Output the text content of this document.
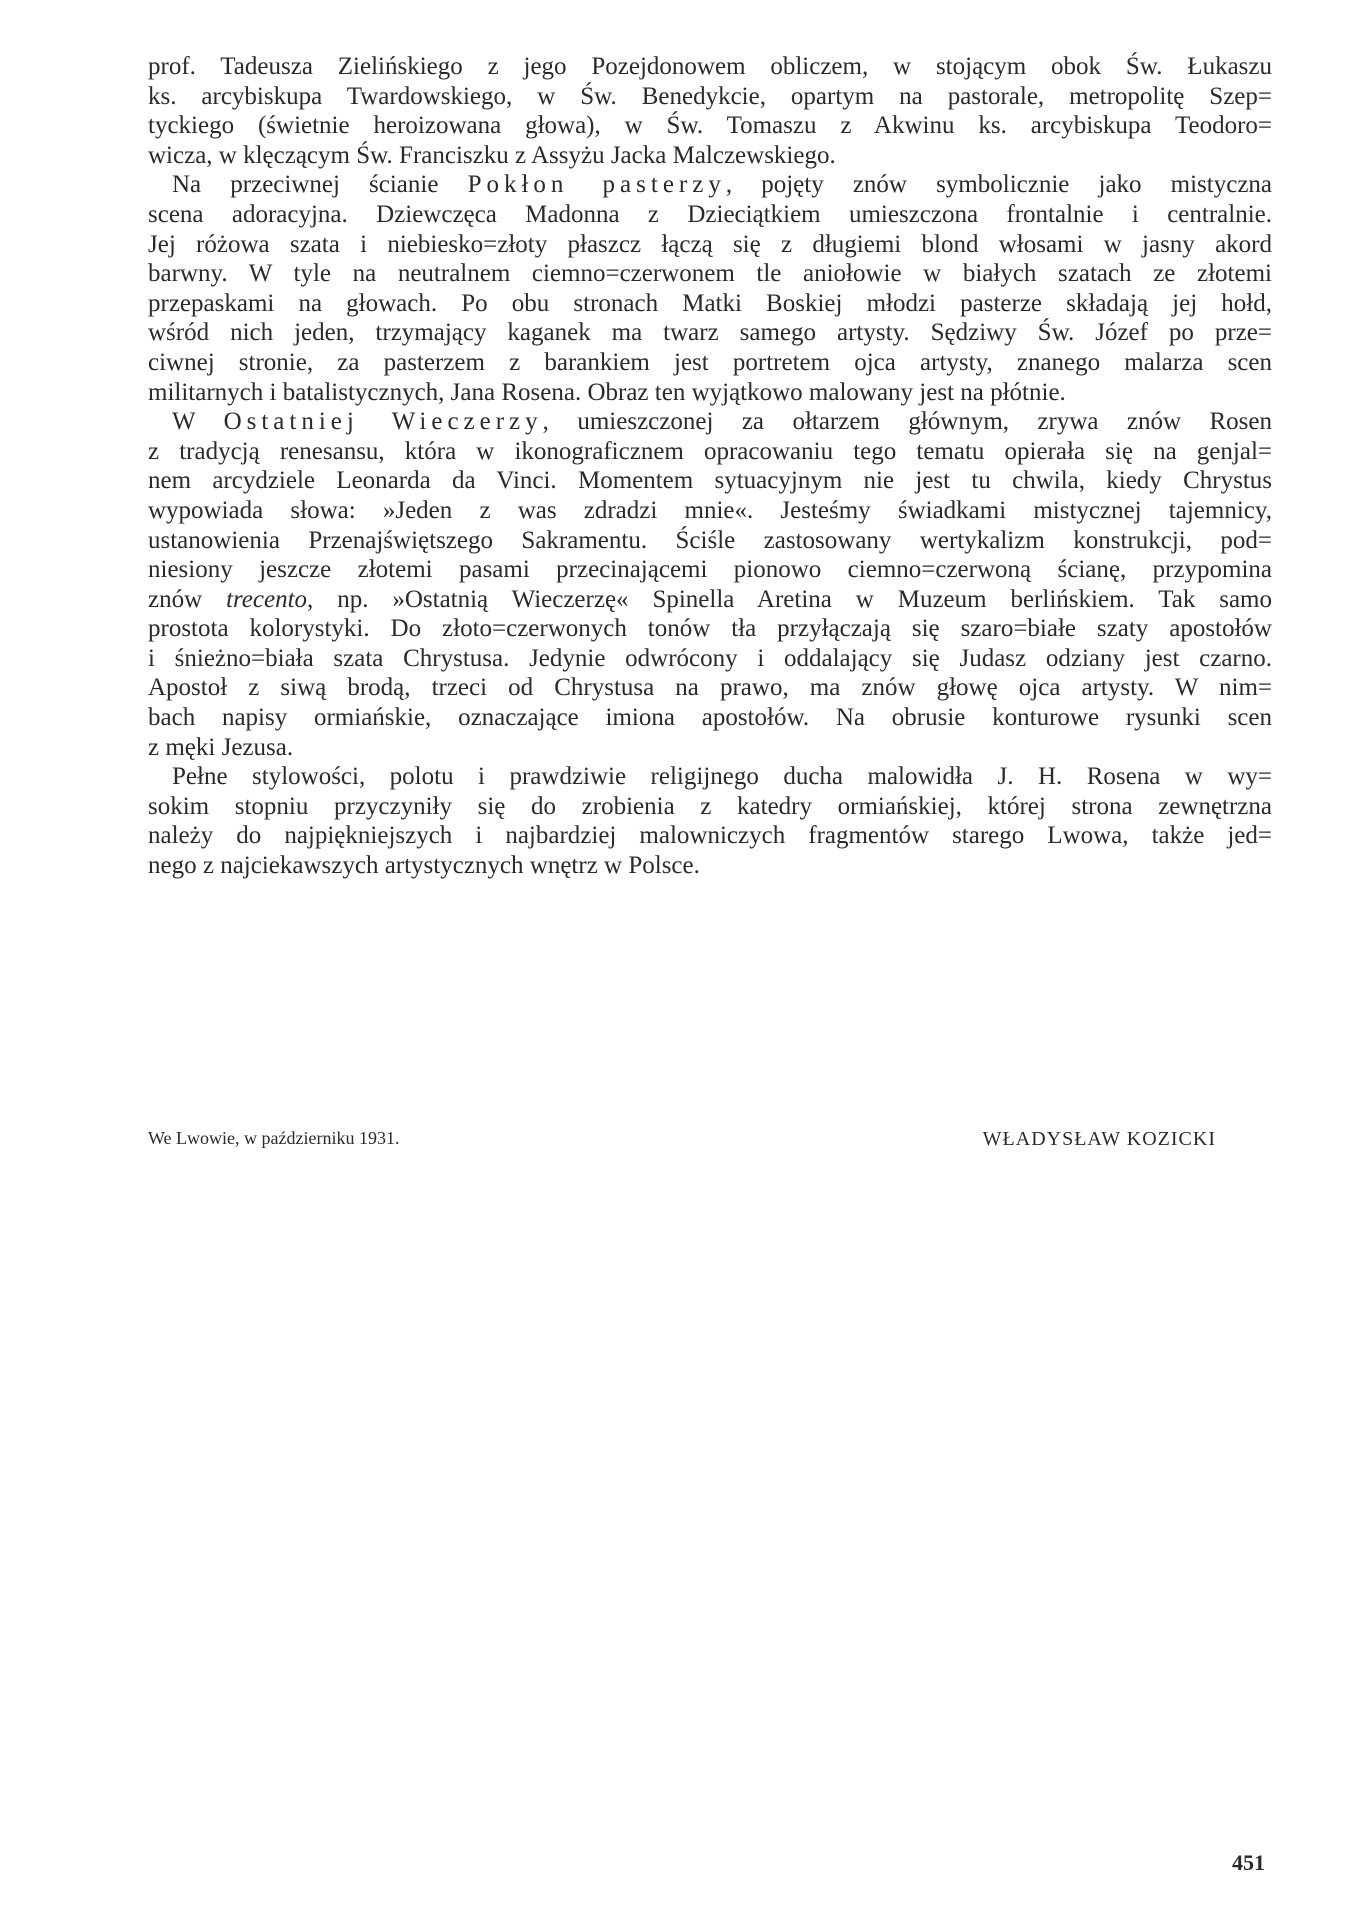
prof. Tadeusza Zielińskiego z jego Pozejdonowem obliczem, w stojącym obok Św. Łukaszu
ks. arcybiskupa Twardowskiego, w Św. Benedykcie, opartym na pastorale, metropolitę Szep=
tyckiego (świetnie heroizowana głowa), w Św. Tomaszu z Akwinu ks. arcybiskupa Teodoro=
wicza, w klęczącym Św. Franciszku z Assyżu Jacka Malczewskiego.
Na przeciwnej ścianie Pokłon pasterzy, pojęty znów symbolicznie jako mistyczna
scena adoracyjna. Dziewczęca Madonna z Dzieciątkiem umieszczona frontalnie i centralnie.
Jej różowa szata i niebiesko=złoty płaszcz łączą się z długiemi blond włosami w jasny akord
barwny. W tyle na neutralnem ciemno=czerwonem tle aniołowie w białych szatach ze złotemi
przepaskami na głowach. Po obu stronach Matki Boskiej młodzi pasterze składają jej hołd,
wśród nich jeden, trzymający kaganek ma twarz samego artysty. Sędziwy Św. Józef po prze=
ciwnej stronie, za pasterzem z barankiem jest portretem ojca artysty, znanego malarza scen
militarnych i batalistycznych, Jana Rosena. Obraz ten wyjątkowo malowany jest na płótnie.
W Ostatniej Wieczerzy, umieszczonej za ołtarzem głównym, zrywa znów Rosen
z tradycją renesansu, która w ikonograficznem opracowaniu tego tematu opierała się na genjal=
nem arcydziele Leonarda da Vinci. Momentem sytuacyjnym nie jest tu chwila, kiedy Chrystus
wypowiada słowa: »Jeden z was zdradzi mnie«. Jesteśmy świadkami mistycznej tajemnicy,
ustanowienia Przenajświętszego Sakramentu. Ściśle zastosowany wertykalizm konstrukcji, pod=
niesiony jeszcze złotemi pasami przecinającemi pionowo ciemno=czerwoną ścianę, przypomina
znów trecento, np. »Ostatnią Wieczerzę« Spinella Aretina w Muzeum berlińskiem. Tak samo
prostota kolorystyki. Do złoto=czerwonych tonów tła przyłączają się szaro=białe szaty apostołów
i śnieżno=biała szata Chrystusa. Jedynie odwrócony i oddalający się Judasz odziany jest czarno.
Apostoł z siwą brodą, trzeci od Chrystusa na prawo, ma znów głowę ojca artysty. W nim=
bach napisy ormiańskie, oznaczające imiona apostołów. Na obrusie konturowe rysunki scen
z męki Jezusa.
Pełne stylowości, polotu i prawdziwie religijnego ducha malowidła J. H. Rosena w wy=
sokim stopniu przyczyniły się do zrobienia z katedry ormiańskiej, której strona zewnętrzna
należy do najpiękniejszych i najbardziej malowniczych fragmentów starego Lwowa, także jed=
nego z najciekawszych artystycznych wnętrz w Polsce.
We Lwowie, w październiku 1931.	WŁADYSŁAW KOZICKI
451
